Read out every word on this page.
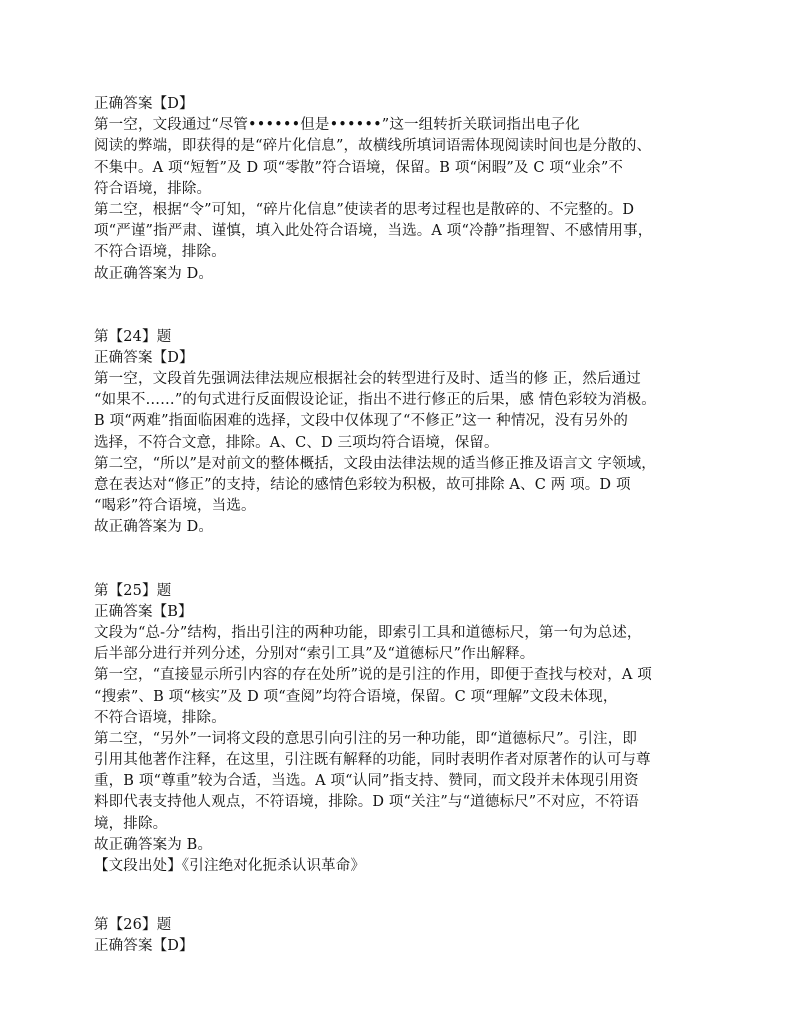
正确答案【D】
第一空，文段通过“尽管••••••但是••••••”这一组转折关联词指出电子化
阅读的弊端，即获得的是“碎片化信息”，故横线所填词语需体现阅读时间也是分散的、
不集中。A 项“短暂”及 D 项“零散”符合语境，保留。B 项“闲暇”及 C 项“业余”不
符合语境，排除。
第二空，根据“令”可知，“碎片化信息”使读者的思考过程也是散碎的、不完整的。D
项“严谨”指严肃、谨慎，填入此处符合语境，当选。A 项“冷静”指理智、不感情用事，
不符合语境，排除。
故正确答案为 D。
第【24】题
正确答案【D】
第一空，文段首先强调法律法规应根据社会的转型进行及时、适当的修 正，然后通过
“如果不……”的句式进行反面假设论证，指出不进行修正的后果，感 情色彩较为消极。
B 项“两难”指面临困难的选择，文段中仅体现了“不修正”这一 种情况，没有另外的
选择，不符合文意，排除。A、C、D 三项均符合语境，保留。
第二空，“所以”是对前文的整体概括，文段由法律法规的适当修正推及语言文 字领域，
意在表达对“修正”的支持，结论的感情色彩较为积极，故可排除 A、C 两 项。D 项
“喝彩”符合语境，当选。
故正确答案为 D。
第【25】题
正确答案【B】
文段为“总-分”结构，指出引注的两种功能，即索引工具和道德标尺，第一句为总述，
后半部分进行并列分述，分别对“索引工具”及“道德标尺”作出解释。
第一空，“直接显示所引内容的存在处所”说的是引注的作用，即便于查找与校对，A 项
“搜索”、B 项“核实”及 D 项“查阅”均符合语境，保留。C 项“理解”文段未体现，
不符合语境，排除。
第二空，“另外”一词将文段的意思引向引注的另一种功能，即“道德标尺”。引注，即
引用其他著作注释，在这里，引注既有解释的功能，同时表明作者对原著作的认可与尊
重，B 项“尊重”较为合适，当选。A 项“认同”指支持、赞同，而文段并未体现引用资
料即代表支持他人观点，不符语境，排除。D 项“关注”与“道德标尺”不对应，不符语
境，排除。
故正确答案为 B。
【文段出处】《引注绝对化扼杀认识革命》
第【26】题
正确答案【D】
